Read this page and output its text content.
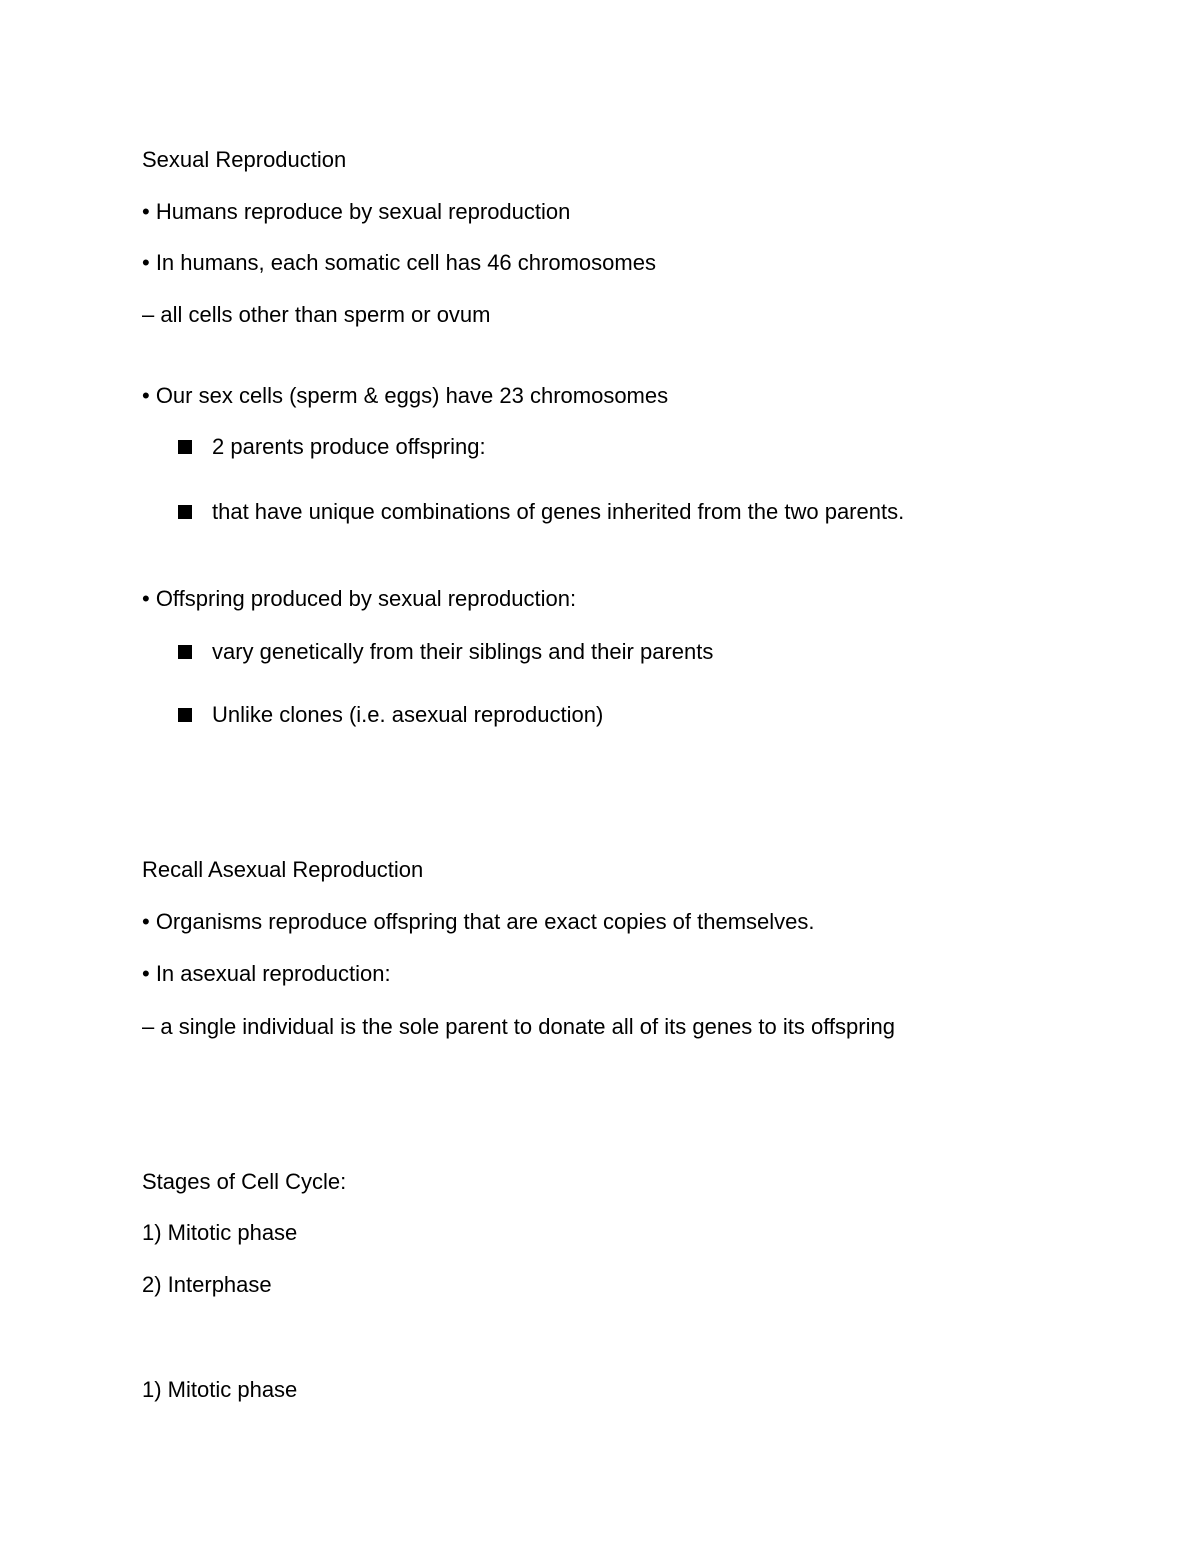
Sexual Reproduction
• Humans reproduce by sexual reproduction
• In humans, each somatic cell has 46 chromosomes
– all cells other than sperm or ovum
• Our sex cells (sperm & eggs) have 23 chromosomes
2 parents produce offspring:
that have unique combinations of genes inherited from the two parents.
• Offspring produced by sexual reproduction:
vary genetically from their siblings and their parents
Unlike clones (i.e. asexual reproduction)
Recall Asexual Reproduction
• Organisms reproduce offspring that are exact copies of themselves.
• In asexual reproduction:
– a single individual is the sole parent to donate all of its genes to its offspring
Stages of Cell Cycle:
1) Mitotic phase
2) Interphase
1) Mitotic phase
